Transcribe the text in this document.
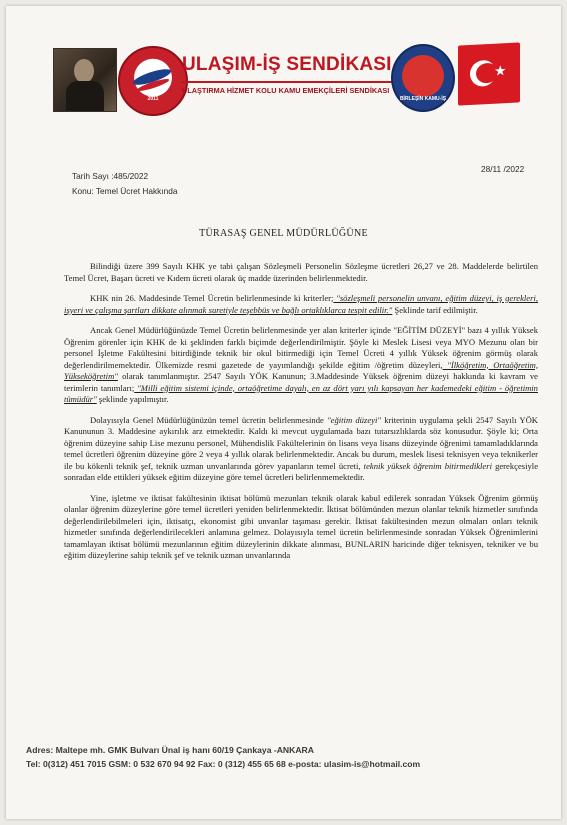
2011
ULAŞIM-İŞ SENDİKASI
ULAŞTIRMA HİZMET KOLU KAMU EMEKÇİLERİ SENDİKASI
BİRLEŞİN KAMU-İŞ
★
Tarih Sayı :485/2022
Konu: Temel Ücret Hakkında
28/11 /2022
TÜRASAŞ GENEL MÜDÜRLÜĞÜNE

Bilindiği üzere 399 Sayılı KHK ye tabi çalışan Sözleşmeli Personelin Sözleşme ücretleri 26,27 ve 28. Maddelerde belirtilen Temel Ücret, Başarı ücreti ve Kıdem ücreti olarak üç madde üzerinden belirlenmektedir.

KHK nin 26. Maddesinde Temel Ücretin belirlenmesinde ki kriterler; "sözleşmeli personelin unvanı, eğitim düzeyi, iş gerekleri, işyeri ve çalışma şartları dikkate alınmak suretiyle teşebbüs ve bağlı ortaklıklarca tespit edilir." Şeklinde tarif edilmiştir.

Ancak Genel Müdürlüğünüzde Temel Ücretin belirlenmesinde yer alan kriterler içinde "EĞİTİM DÜZEYİ" bazı 4 yıllık Yüksek Öğrenim görenler için KHK de ki şeklinden farklı biçimde değerlendirilmiştir. Şöyle ki Meslek Lisesi veya MYO Mezunu olan bir personel İşletme Fakültesini bitirdiğinde teknik bir okul bitirmediği için Temel Ücreti 4 yıllık Yüksek öğrenim görmüş olarak değerlendirilmemektedir. Ülkemizde resmi gazetede de yayımlandığı şekilde eğitim /öğretim düzeyleri, "İlköğretim, Ortaöğretim, Yükseköğretim" olarak tanımlanmıştır. 2547 Sayılı YÖK Kanunun; 3.Maddesinde Yüksek öğrenim düzeyi hakkında ki kavram ve terimlerin tanımları; "Milli eğitim sistemi içinde, ortaöğretime dayalı, en az dört yarı yılı kapsayan her kademedeki eğitim - öğretimin tümüdür" şeklinde yapılmıştır.

Dolayısıyla Genel Müdürlüğünüzün temel ücretin belirlenmesinde "eğitim düzeyi" kriterinin uygulama şekli 2547 Sayılı YÖK Kanununun 3. Maddesine aykırılık arz etmektedir. Kaldı ki mevcut uygulamada bazı tutarsızlıklarda söz konusudur. Şöyle ki; Orta öğrenim düzeyine sahip Lise mezunu personel, Mühendislik Fakültelerinin ön lisans veya lisans düzeyinde öğrenimi tamamladıklarında temel ücretleri öğrenim düzeyine göre 2 veya 4 yıllık olarak belirlenmektedir. Ancak bu durum, meslek lisesi teknisyen veya teknikerler ile bu kökenli teknik şef, teknik uzman unvanlarında görev yapanların temel ücreti, teknik yüksek öğrenim bitirmedikleri gerekçesiyle sonradan elde ettikleri yüksek eğitim düzeyine göre temel ücretleri belirlenmemektedir.

Yine, işletme ve iktisat fakültesinin iktisat bölümü mezunları teknik olarak kabul edilerek sonradan Yüksek Öğrenim görmüş olanlar öğrenim düzeylerine göre temel ücretleri yeniden belirlenmektedir. İktisat bölümünden mezun olanlar teknik hizmetler sınıfında değerlendirilebilmeleri için, iktisatçı, ekonomist gibi unvanlar taşıması gerekir. İktisat fakültesinden mezun olmaları onları teknik hizmetler sınıfında değerlendirilecekleri anlamına gelmez. Dolayısıyla temel ücretin belirlenmesinde sonradan Yüksek Öğrenimlerini tamamlayan iktisat bölümü mezunlarının eğitim düzeylerinin dikkate alınması, BUNLARIN haricinde diğer teknisyen, tekniker ve bu eğitim düzeylerine sahip teknik şef ve teknik uzman unvanlarında

Adres: Maltepe mh. GMK Bulvarı Ünal iş hanı 60/19 Çankaya -ANKARA
Tel: 0(312) 451 7015 GSM: 0 532 670 94 92 Fax: 0 (312) 455 65 68 e-posta: ulasim-is@hotmail.com
